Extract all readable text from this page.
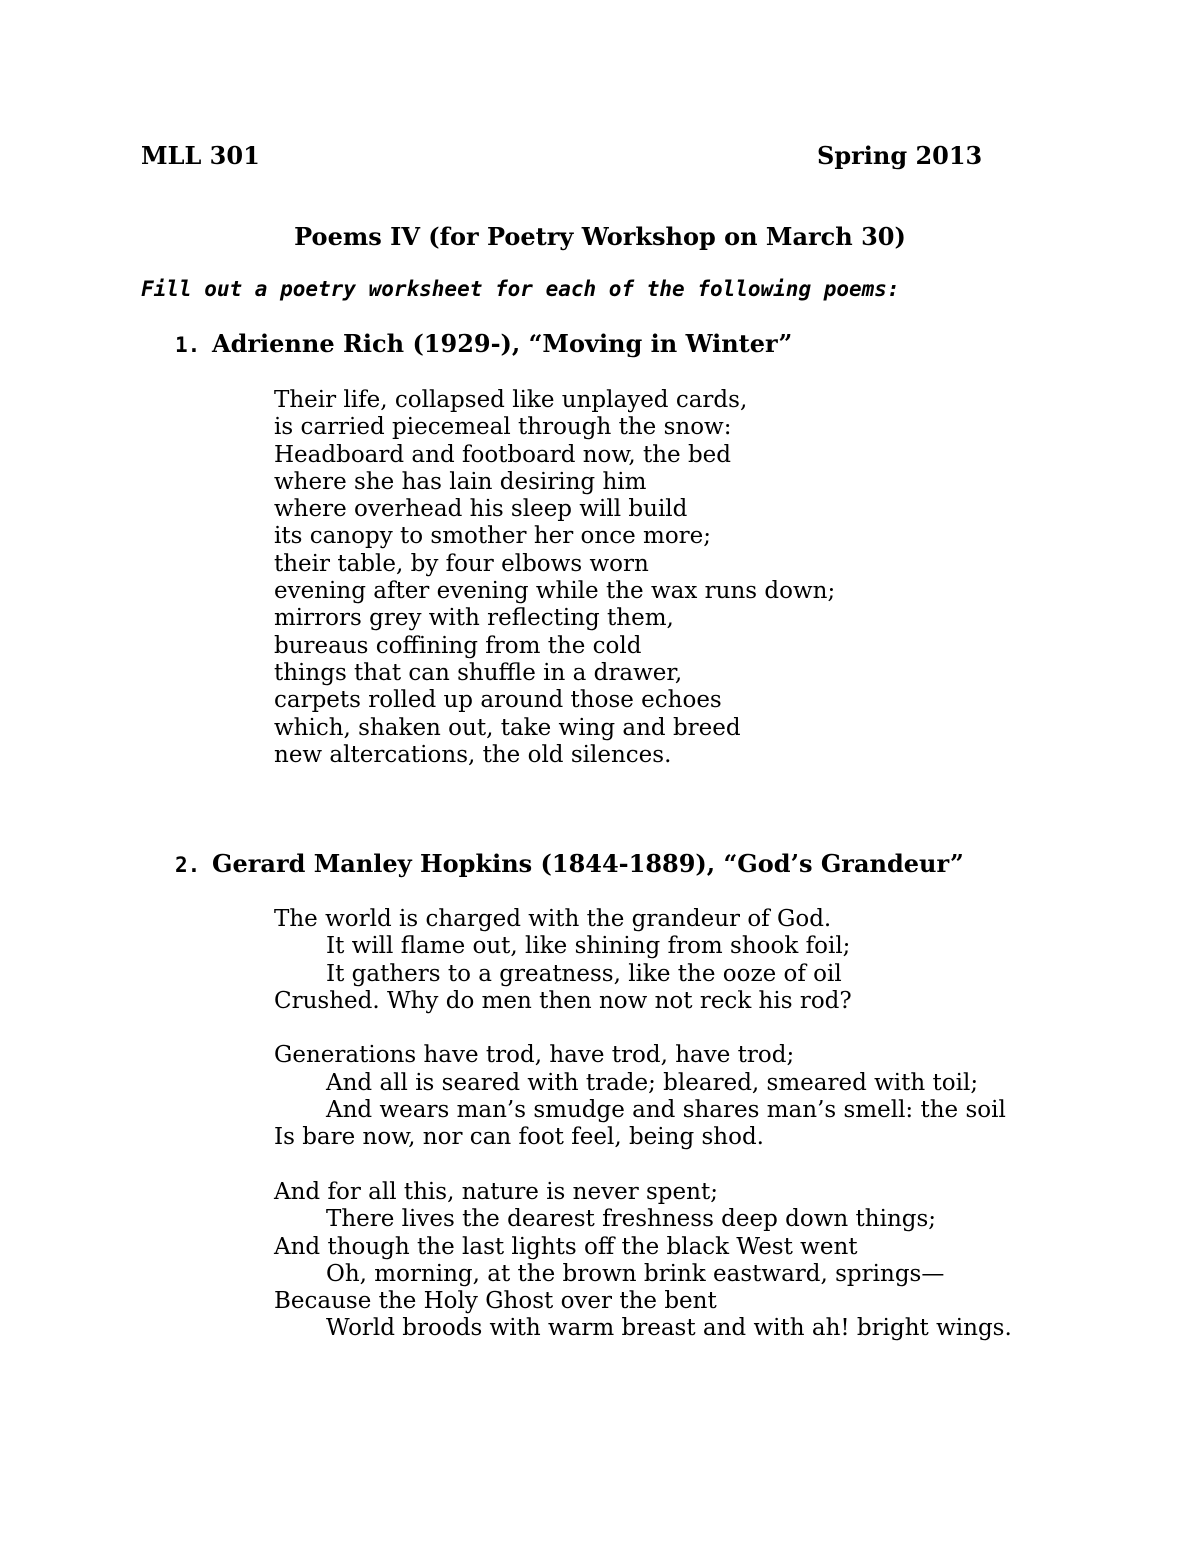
MLL 301	Spring 2013
Poems IV (for Poetry Workshop on March 30)
Fill out a poetry worksheet for each of the following poems:
1. Adrienne Rich (1929-), “Moving in Winter”
Their life, collapsed like unplayed cards,
is carried piecemeal through the snow:
Headboard and footboard now, the bed
where she has lain desiring him
where overhead his sleep will build
its canopy to smother her once more;
their table, by four elbows worn
evening after evening while the wax runs down;
mirrors grey with reflecting them,
bureaus coffining from the cold
things that can shuffle in a drawer,
carpets rolled up around those echoes
which, shaken out, take wing and breed
new altercations, the old silences.
2. Gerard Manley Hopkins (1844-1889), “God’s Grandeur”
The world is charged with the grandeur of God.
It will flame out, like shining from shook foil;
It gathers to a greatness, like the ooze of oil
Crushed. Why do men then now not reck his rod?
Generations have trod, have trod, have trod;
And all is seared with trade; bleared, smeared with toil;
And wears man’s smudge and shares man’s smell: the soil
Is bare now, nor can foot feel, being shod.
And for all this, nature is never spent;
There lives the dearest freshness deep down things;
And though the last lights off the black West went
Oh, morning, at the brown brink eastward, springs—
Because the Holy Ghost over the bent
World broods with warm breast and with ah! bright wings.
